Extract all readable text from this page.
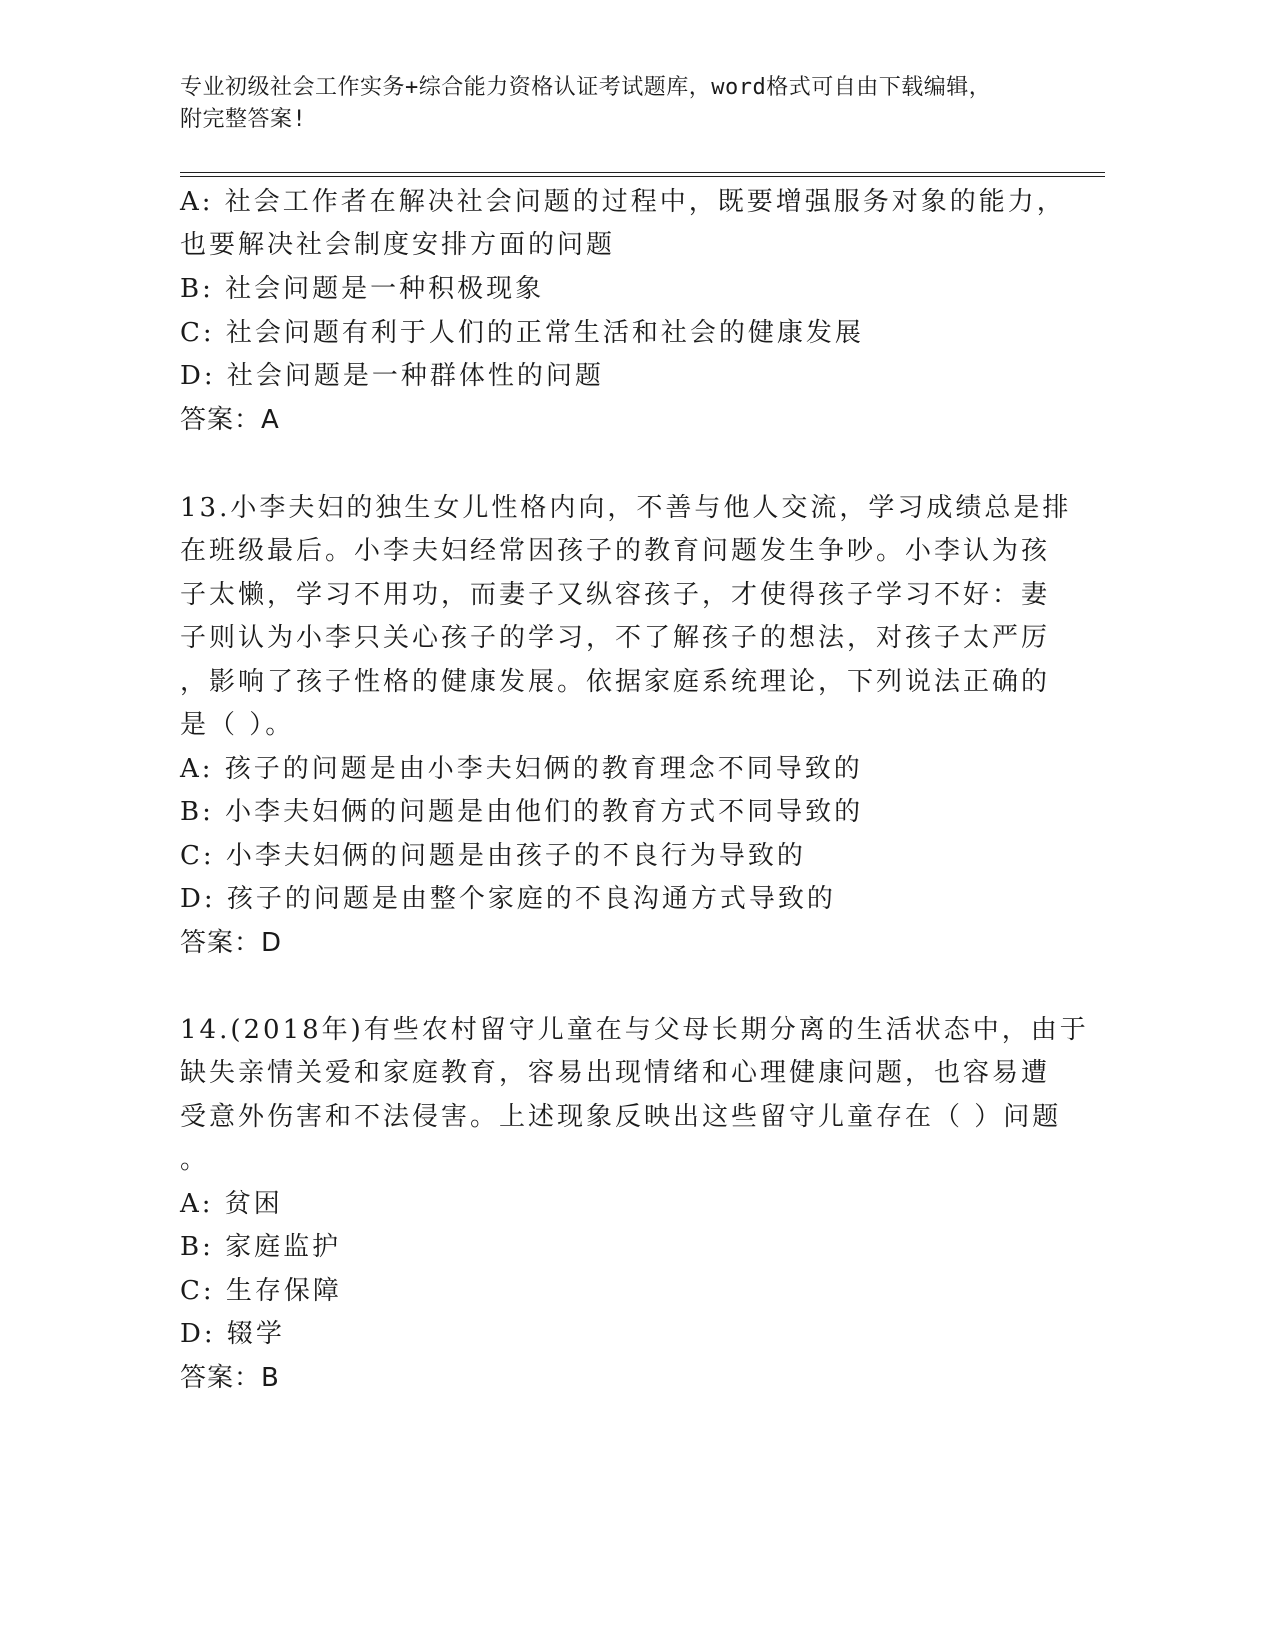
专业初级社会工作实务+综合能力资格认证考试题库，word格式可自由下载编辑，
附完整答案!
A: 社会工作者在解决社会问题的过程中，既要增强服务对象的能力，
也要解决社会制度安排方面的问题
B: 社会问题是一种积极现象
C: 社会问题有利于人们的正常生活和社会的健康发展
D: 社会问题是一种群体性的问题
答案：A
13.小李夫妇的独生女儿性格内向，不善与他人交流，学习成绩总是排
在班级最后。小李夫妇经常因孩子的教育问题发生争吵。小李认为孩
子太懒，学习不用功，而妻子又纵容孩子，才使得孩子学习不好：妻
子则认为小李只关心孩子的学习，不了解孩子的想法，对孩子太严厉
，影响了孩子性格的健康发展。依据家庭系统理论，下列说法正确的
是（ ）。
A: 孩子的问题是由小李夫妇俩的教育理念不同导致的
B: 小李夫妇俩的问题是由他们的教育方式不同导致的
C: 小李夫妇俩的问题是由孩子的不良行为导致的
D: 孩子的问题是由整个家庭的不良沟通方式导致的
答案：D
14.(2018年)有些农村留守儿童在与父母长期分离的生活状态中，由于
缺失亲情关爱和家庭教育，容易出现情绪和心理健康问题，也容易遭
受意外伤害和不法侵害。上述现象反映出这些留守儿童存在（ ）问题
。
A: 贫困
B: 家庭监护
C: 生存保障
D: 辍学
答案：B
